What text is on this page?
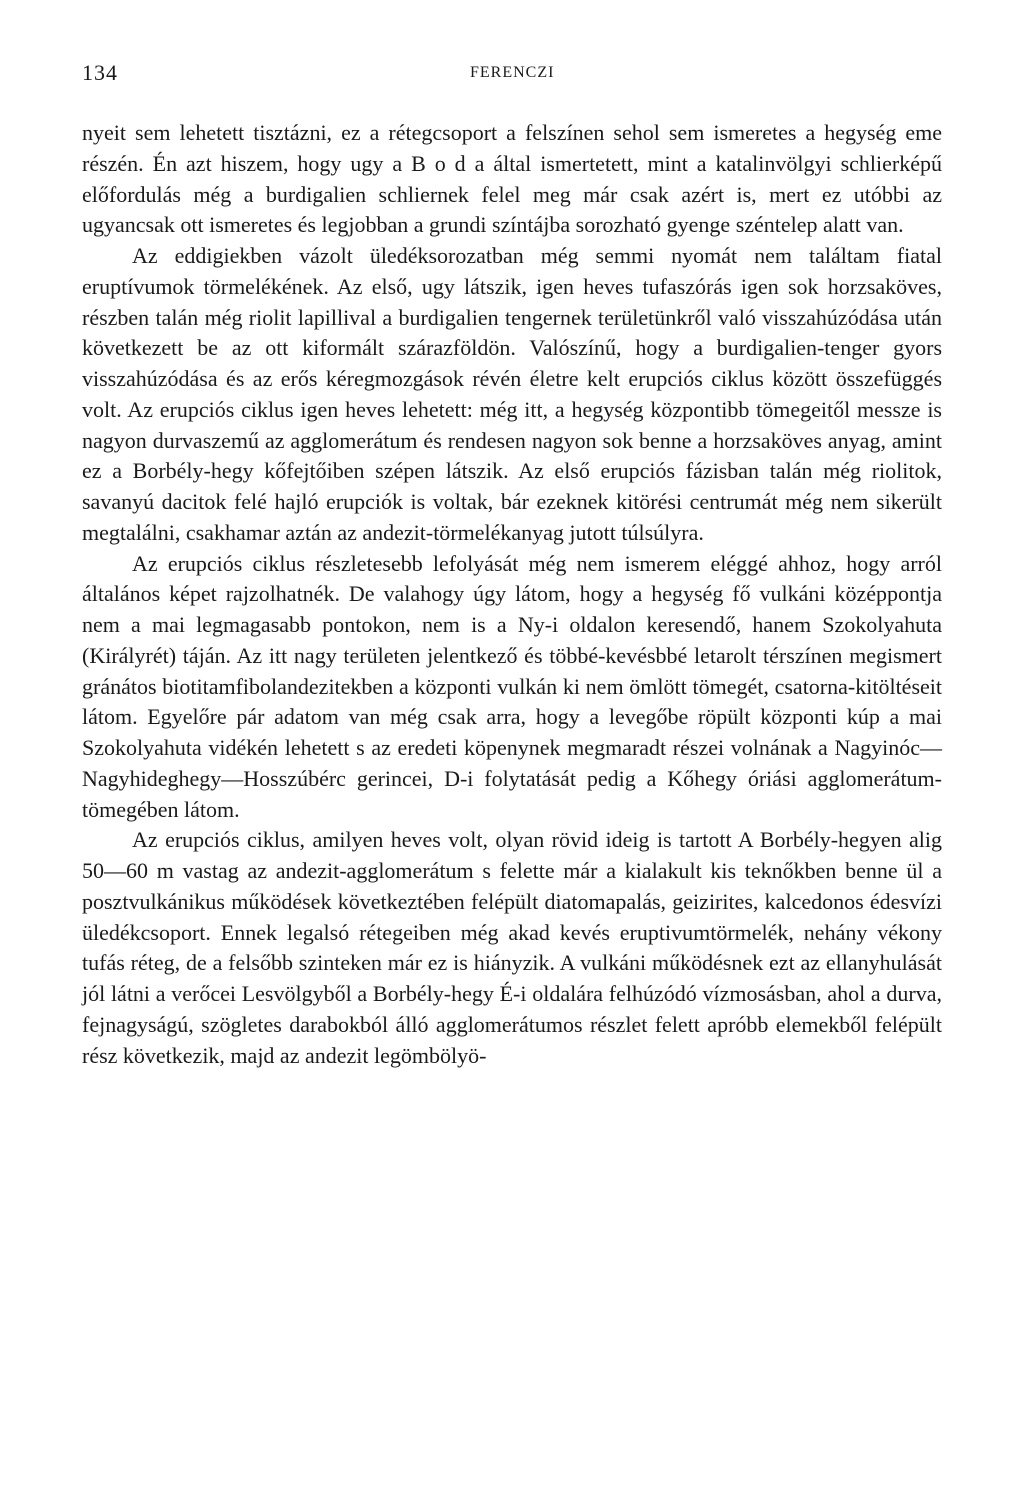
134	FERENCZI

nyeit sem lehetett tisztázni, ez a rétegcsoport a felszínen sehol sem ismeretes a hegység eme részén. Én azt hiszem, hogy ugy a B o d a által ismertetett, mint a katalinvölgyi schlierképű előfordulás még a burdigalien schliernek felel meg már csak azért is, mert ez utóbbi az ugyancsak ott ismeretes és legjobban a grundi színtájba sorozható gyenge széntelep alatt van.

Az eddigiekben vázolt üledéksorozatban még semmi nyomát nem találtam fiatal eruptívumok törmelékének. Az első, ugy látszik, igen heves tufaszórás igen sok horzsaköves, részben talán még riolit lapillival a burdigalien tengernek területünkről való visszahúzódása után következett be az ott kiformált szárazföldön. Valószínű, hogy a burdigalien-tenger gyors visszahúzódása és az erős kéregmozgások révén életre kelt erupciós ciklus között összefüggés volt. Az erupciós ciklus igen heves lehetett: még itt, a hegység központibb tömegeitől messze is nagyon durvaszemű az agglomerátum és rendesen nagyon sok benne a horzsaköves anyag, amint ez a Borbély-hegy kőfejtőiben szépen látszik. Az első erupciós fázisban talán még riolitok, savanyú dacitok felé hajló erupciók is voltak, bár ezeknek kitörési centrumát még nem sikerült megtalálni, csakhamar aztán az andezit-törmelékanyag jutott túlsúlyra.

Az erupciós ciklus részletesebb lefolyását még nem ismerem eléggé ahhoz, hogy arról általános képet rajzolhatnék. De valahogy úgy látom, hogy a hegység fő vulkáni középpontja nem a mai legmagasabb pontokon, nem is a Ny-i oldalon keresendő, hanem Szokolyahuta (Királyrét) táján. Az itt nagy területen jelentkező és többé-kevésbbé letarolt térszínen megismert gránátos biotitamfibolandezitekben a központi vulkán ki nem ömlött tömegét, csatorna-kitöltéseit látom. Egyelőre pár adatom van még csak arra, hogy a levegőbe röpült központi kúp a mai Szokolyahuta vidékén lehetett s az eredeti köpenynek megmaradt részei volnának a Nagyinóc—Nagyhideghegy—Hosszúbérc gerincei, D-i folytatását pedig a Kőhegy óriási agglomerátum-tömegében látom.

Az erupciós ciklus, amilyen heves volt, olyan rövid ideig is tartott A Borbély-hegyen alig 50—60 m vastag az andezit-agglomerátum s felette már a kialakult kis teknőkben benne ül a posztvulkánikus működések következtében felépült diatomapalás, geizirites, kalcedonos édesvízi üledékcsoport. Ennek legalsó rétegeiben még akad kevés eruptivumtörmelék, nehány vékony tufás réteg, de a felsőbb szinteken már ez is hiányzik. A vulkáni működésnek ezt az ellanyhulását jól látni a verőcei Lesvölgyből a Borbély-hegy É-i oldalára felhúzódó vízmosásban, ahol a durva, fejnagyságú, szögletes darabokból álló agglomerátumos részlet felett apróbb elemekből felépült rész következik, majd az andezit legömbölyö-
